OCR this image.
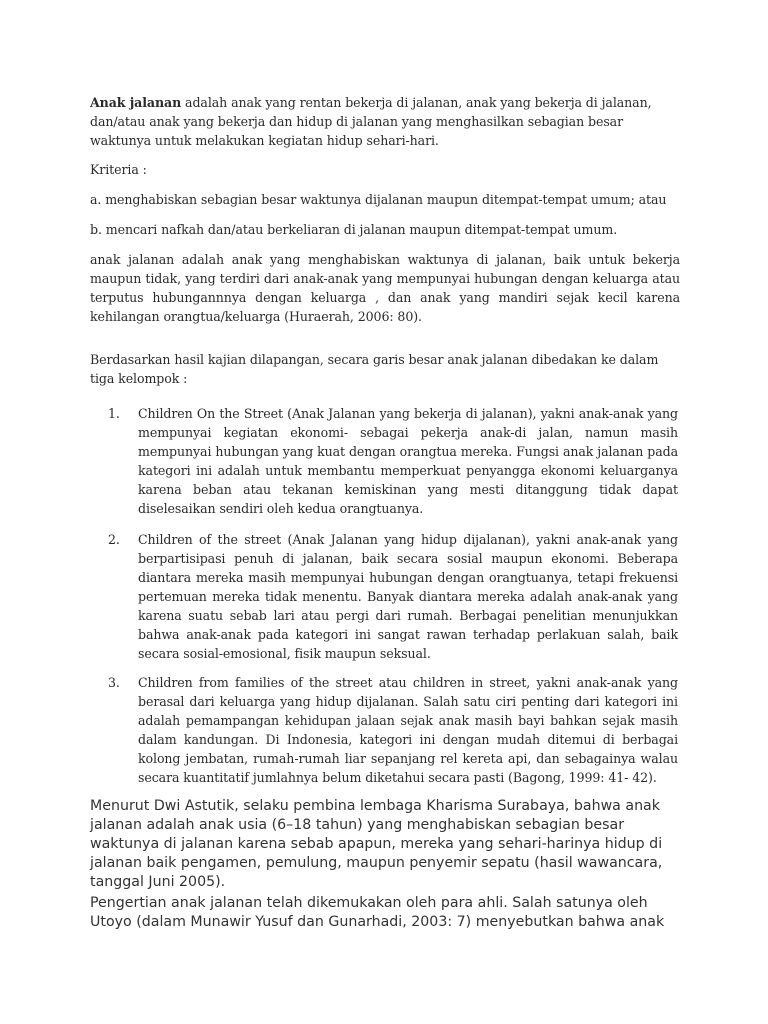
Anak jalanan adalah anak yang rentan bekerja di jalanan, anak yang bekerja di jalanan, dan/atau anak yang bekerja dan hidup di jalanan yang menghasilkan sebagian besar waktunya untuk melakukan kegiatan hidup sehari-hari.

Kriteria :

a. menghabiskan sebagian besar waktunya dijalanan maupun ditempat-tempat umum; atau

b. mencari nafkah dan/atau berkeliaran di jalanan maupun ditempat-tempat umum.

anak jalanan adalah anak yang menghabiskan waktunya di jalanan, baik untuk bekerja maupun tidak, yang terdiri dari anak-anak yang mempunyai hubungan dengan keluarga atau terputus hubungannnya dengan keluarga , dan anak yang mandiri sejak kecil karena kehilangan orangtua/keluarga (Huraerah, 2006: 80).

Berdasarkan hasil kajian dilapangan, secara garis besar anak jalanan dibedakan ke dalam tiga kelompok :

1. Children On the Street (Anak Jalanan yang bekerja di jalanan), yakni anak-anak yang mempunyai kegiatan ekonomi- sebagai pekerja anak-di jalan, namun masih mempunyai hubungan yang kuat dengan orangtua mereka. Fungsi anak jalanan pada kategori ini adalah untuk membantu memperkuat penyangga ekonomi keluarganya karena beban atau tekanan kemiskinan yang mesti ditanggung tidak dapat diselesaikan sendiri oleh kedua orangtuanya.
2. Children of the street (Anak Jalanan yang hidup dijalanan), yakni anak-anak yang berpartisipasi penuh di jalanan, baik secara sosial maupun ekonomi. Beberapa diantara mereka masih mempunyai hubungan dengan orangtuanya, tetapi frekuensi pertemuan mereka tidak menentu. Banyak diantara mereka adalah anak-anak yang karena suatu sebab lari atau pergi dari rumah. Berbagai penelitian menunjukkan bahwa anak-anak pada kategori ini sangat rawan terhadap perlakuan salah, baik secara sosial-emosional, fisik maupun seksual.
3. Children from families of the street atau children in street, yakni anak-anak yang berasal dari keluarga yang hidup dijalanan. Salah satu ciri penting dari kategori ini adalah pemampangan kehidupan jalaan sejak anak masih bayi bahkan sejak masih dalam kandungan. Di Indonesia, kategori ini dengan mudah ditemui di berbagai kolong jembatan, rumah-rumah liar sepanjang rel kereta api, dan sebagainya walau secara kuantitatif jumlahnya belum diketahui secara pasti (Bagong, 1999: 41- 42).

Menurut Dwi Astutik, selaku pembina lembaga Kharisma Surabaya, bahwa anak jalanan adalah anak usia (6–18 tahun) yang menghabiskan sebagian besar waktunya di jalanan karena sebab apapun, mereka yang sehari-harinya hidup di jalanan baik pengamen, pemulung, maupun penyemir sepatu (hasil wawancara, tanggal Juni 2005).

Pengertian anak jalanan telah dikemukakan oleh para ahli. Salah satunya oleh Utoyo (dalam Munawir Yusuf dan Gunarhadi, 2003: 7) menyebutkan bahwa anak
